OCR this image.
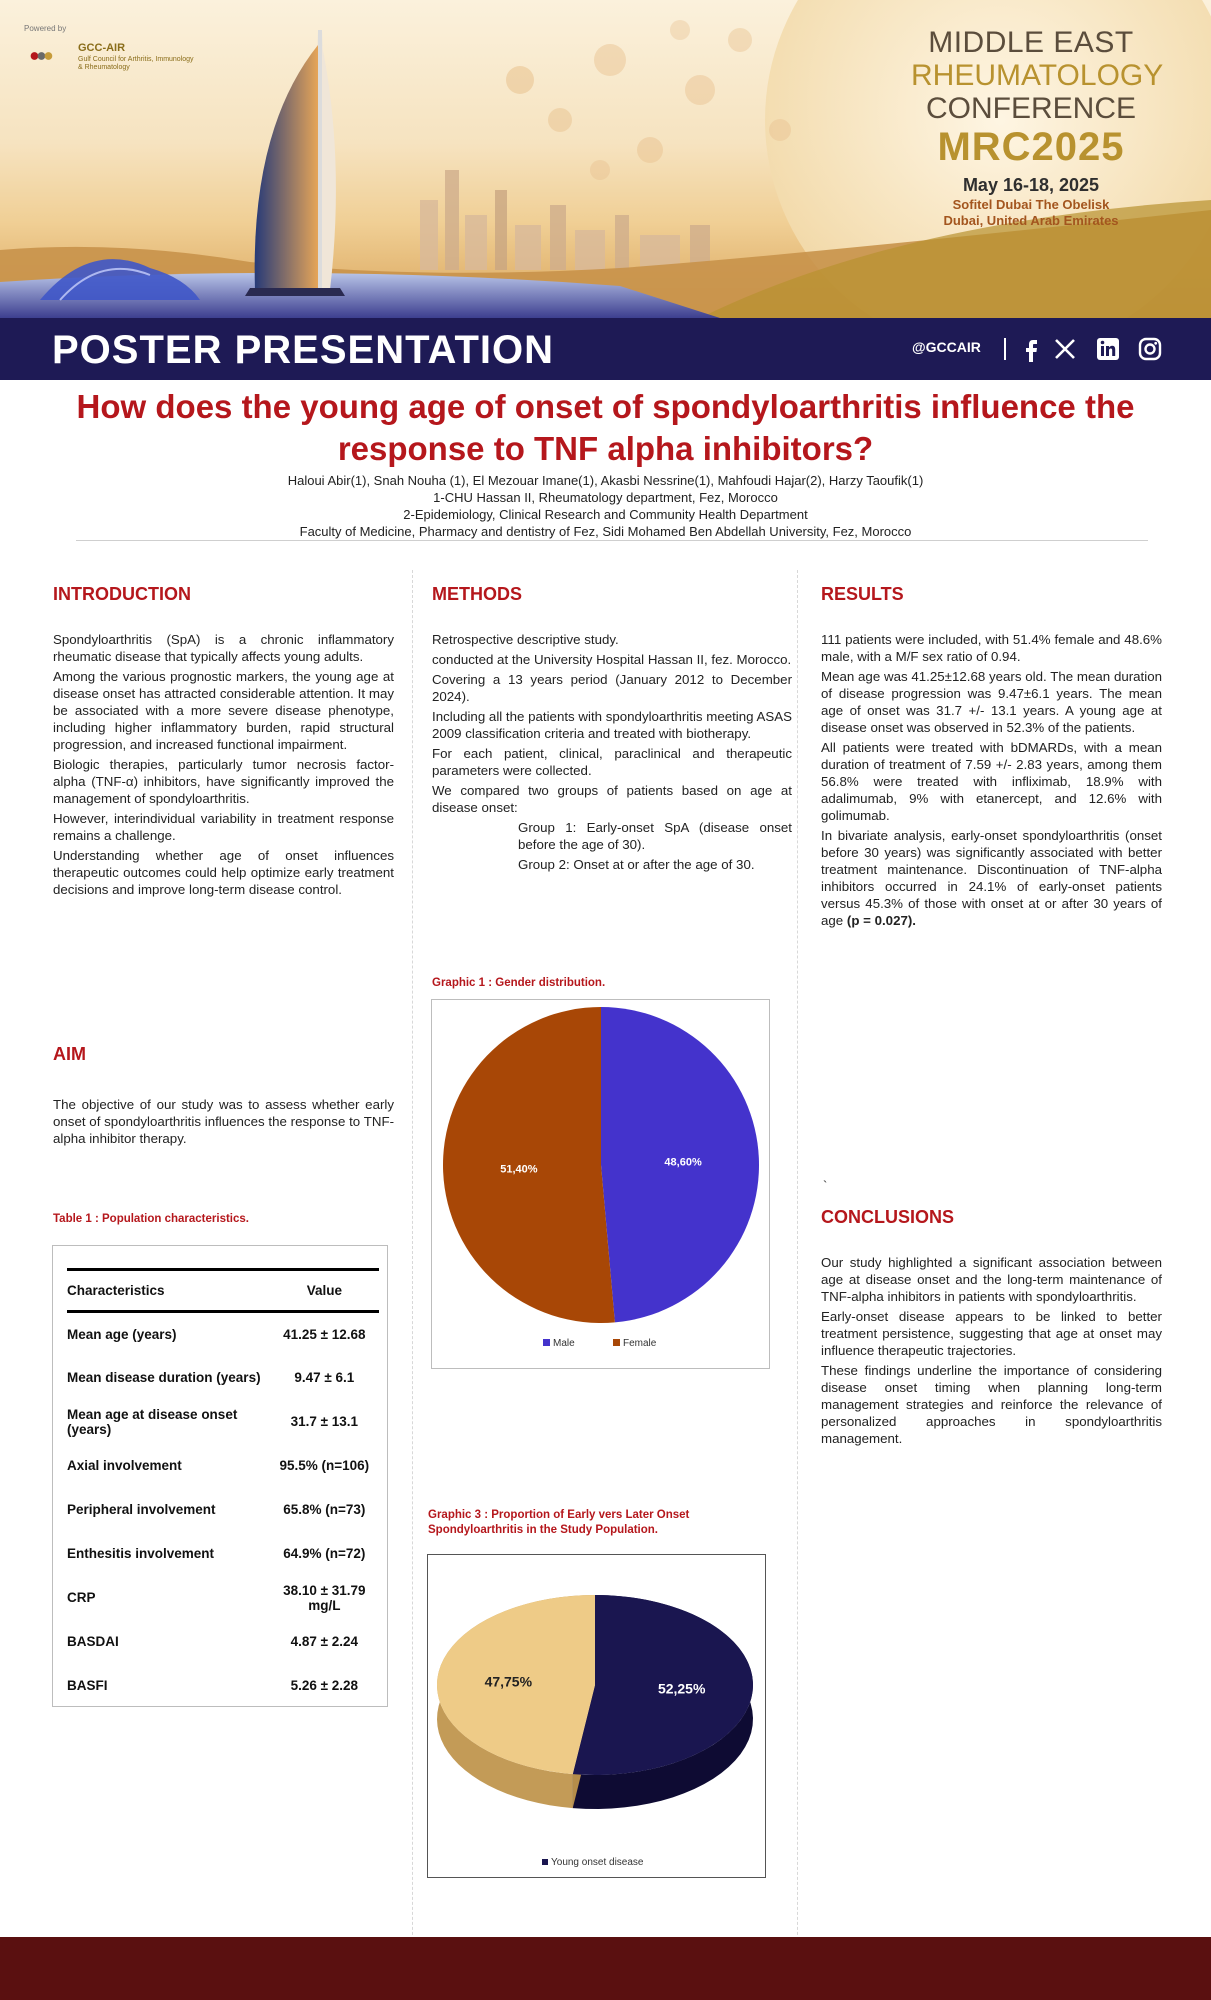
Powered by
GCC-AIR
Gulf Council for Arthritis, Immunology & Rheumatology
MIDDLE EAST
RHEUMATOLOGY
CONFERENCE
MRC2025
May 16-18, 2025
Sofitel Dubai The Obelisk
Dubai, United Arab Emirates
POSTER PRESENTATION	@GCCAIR
How does the young age of onset of spondyloarthritis influence the response to TNF alpha inhibitors?
Haloui Abir(1), Snah Nouha (1), El Mezouar Imane(1), Akasbi Nessrine(1), Mahfoudi Hajar(2), Harzy Taoufik(1)
1-CHU Hassan II, Rheumatology department, Fez, Morocco
2-Epidemiology, Clinical Research and Community Health Department
Faculty of Medicine, Pharmacy and dentistry of Fez, Sidi Mohamed Ben Abdellah University, Fez, Morocco
INTRODUCTION

Spondyloarthritis (SpA) is a chronic inflammatory rheumatic disease that typically affects young adults.

Among the various prognostic markers, the young age at disease onset has attracted considerable attention. It may be associated with a more severe disease phenotype, including higher inflammatory burden, rapid structural progression, and increased functional impairment.

Biologic therapies, particularly tumor necrosis factor-alpha (TNF-α) inhibitors, have significantly improved the management of spondyloarthritis.

However, interindividual variability in treatment response remains a challenge.

Understanding whether age of onset influences therapeutic outcomes could help optimize early treatment decisions and improve long-term disease control.

AIM
The objective of our study was to assess whether early onset of spondyloarthritis influences the response to TNF-alpha inhibitor therapy.
Table 1 : Population characteristics.
Characteristics	Value
Mean age (years)	41.25 ± 12.68
Mean disease duration (years)	9.47 ± 6.1
Mean age at disease onset (years)	31.7 ± 13.1
Axial involvement	95.5% (n=106)
Peripheral involvement	65.8% (n=73)
Enthesitis involvement	64.9% (n=72)
CRP	38.10 ± 31.79 mg/L
BASDAI	4.87 ± 2.24
BASFI	5.26 ± 2.28
METHODS

Retrospective descriptive study.

conducted at the University Hospital Hassan II, fez. Morocco.

Covering a 13 years period (January 2012 to December 2024).

Including all the patients with spondyloarthritis meeting ASAS 2009 classification criteria and treated with biotherapy.

For each patient, clinical, paraclinical and therapeutic parameters were collected.

We compared two groups of patients based on age at disease onset:

Group 1: Early-onset SpA (disease onset before the age of 30).

Group 2: Onset at or after the age of 30.

Graphic 1 : Gender distribution.
48,60%
51,40%
Male	Female
Graphic 3 : Proportion of Early vers Later Onset
Spondyloarthritis in the Study Population.
52,25%
47,75%
Young onset disease
RESULTS

111 patients were included, with 51.4% female and 48.6% male, with a M/F sex ratio of 0.94.

Mean age was 41.25±12.68 years old. The mean duration of disease progression was 9.47±6.1 years. The mean age of onset was 31.7 +/- 13.1 years. A young age at disease onset was observed in 52.3% of the patients.

All patients were treated with bDMARDs, with a mean duration of treatment of 7.59 +/- 2.83 years, among them 56.8% were treated with infliximab, 18.9% with adalimumab, 9% with etanercept, and 12.6% with golimumab.

In bivariate analysis, early-onset spondyloarthritis (onset before 30 years) was significantly associated with better treatment maintenance. Discontinuation of TNF-alpha inhibitors occurred in 24.1% of early-onset patients versus 45.3% of those with onset at or after 30 years of age (p = 0.027).

`
CONCLUSIONS

Our study highlighted a significant association between age at disease onset and the long-term maintenance of TNF-alpha inhibitors in patients with spondyloarthritis.

Early-onset disease appears to be linked to better treatment persistence, suggesting that age at onset may influence therapeutic trajectories.

These findings underline the importance of considering disease onset timing when planning long-term management strategies and reinforce the relevance of personalized approaches in spondyloarthritis management.
